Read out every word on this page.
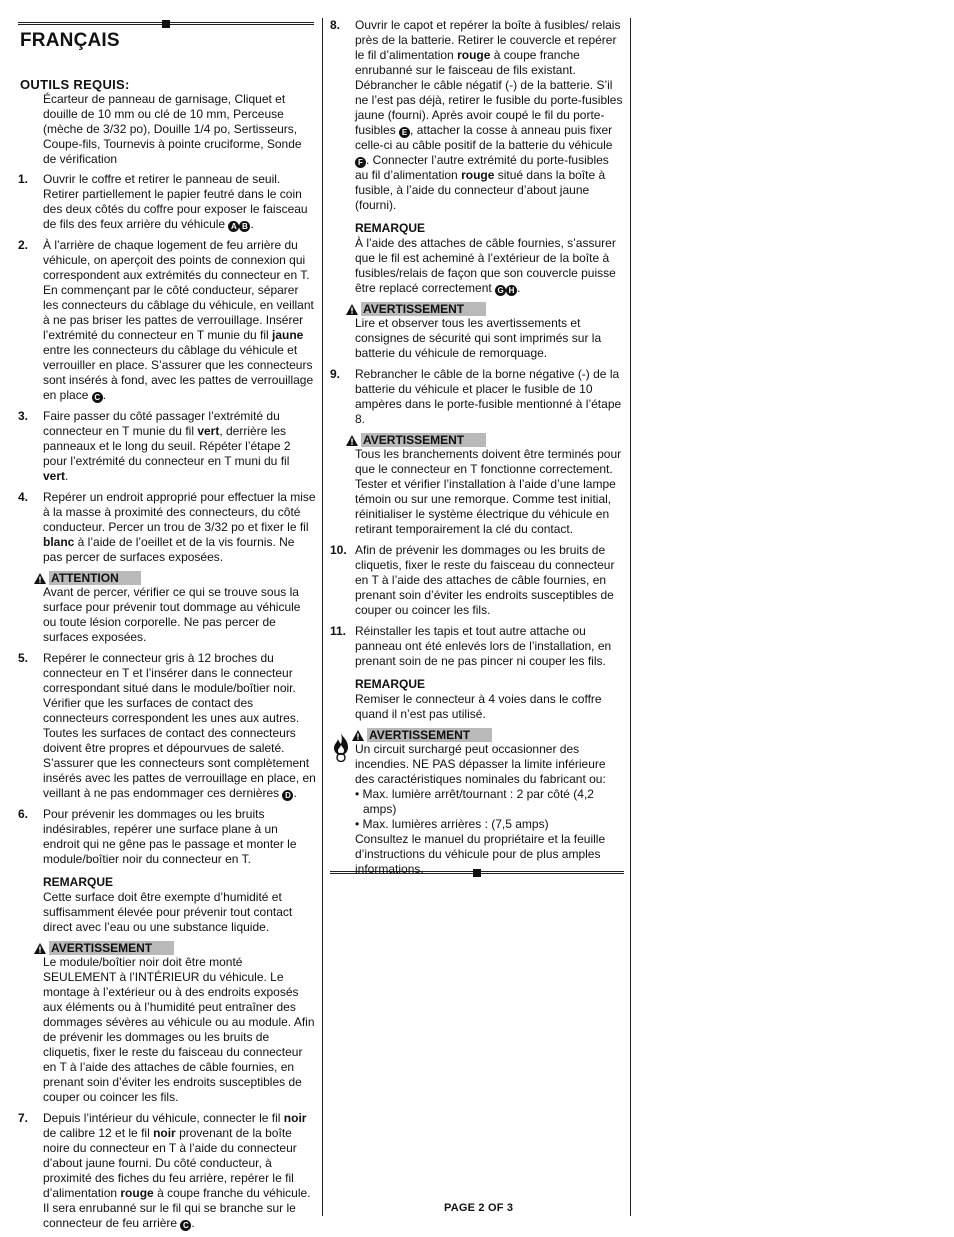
FRANÇAIS
OUTILS REQUIS:

Écarteur de panneau de garnisage, Cliquet et douille de 10 mm ou clé de 10 mm, Perceuse (mèche de 3/32 po), Douille 1/4 po, Sertisseurs, Coupe-fils, Tournevis à pointe cruciforme, Sonde de vérification

1. Ouvrir le coffre et retirer le panneau de seuil. Retirer partiellement le papier feutré dans le coin des deux côtés du coffre pour exposer le faisceau de fils des feux arrière du véhicule A B .

2. À l’arrière de chaque logement de feu arrière du véhicule, on aperçoit des points de connexion qui correspondent aux extrémités du connecteur en T. En commençant par le côté conducteur, séparer les connecteurs du câblage du véhicule, en veillant à ne pas briser les pattes de verrouillage. Insérer l’extrémité du connecteur en T munie du fil jaune entre les connecteurs du câblage du véhicule et verrouiller en place. S’assurer que les connecteurs sont insérés à fond, avec les pattes de verrouillage en place C .

3. Faire passer du côté passager l’extrémité du connecteur en T munie du fil vert, derrière les panneaux et le long du seuil. Répéter l’étape 2 pour l’extrémité du connecteur en T muni du fil vert.

4. Repérer un endroit approprié pour effectuer la mise à la masse à proximité des connecteurs, du côté conducteur. Percer un trou de 3/32 po et fixer le fil blanc à l’aide de l’oeillet et de la vis fournis. Ne pas percer de surfaces exposées.

ATTENTION

Avant de percer, vérifier ce qui se trouve sous la surface pour prévenir tout dommage au véhicule ou toute lésion corporelle. Ne pas percer de surfaces exposées.

5. Repérer le connecteur gris à 12 broches du connecteur en T et l’insérer dans le connecteur correspondant situé dans le module/boîtier noir. Vérifier que les surfaces de contact des connecteurs correspondent les unes aux autres. Toutes les surfaces de contact des connecteurs doivent être propres et dépourvues de saleté. S’assurer que les connecteurs sont complètement insérés avec les pattes de verrouillage en place, en veillant à ne pas endommager ces dernières D .

6. Pour prévenir les dommages ou les bruits indésirables, repérer une surface plane à un endroit qui ne gêne pas le passage et monter le module/boîtier noir du connecteur en T.

REMARQUE

Cette surface doit être exempte d’humidité et suffisamment élevée pour prévenir tout contact direct avec l’eau ou une substance liquide.

AVERTISSEMENT

Le module/boîtier noir doit être monté SEULEMENT à l’INTÉRIEUR du véhicule. Le montage à l’extérieur ou à des endroits exposés aux éléments ou à l’humidité peut entraîner des dommages sévères au véhicule ou au module. Afin de prévenir les dommages ou les bruits de cliquetis, fixer le reste du faisceau du connecteur en T à l’aide des attaches de câble fournies, en prenant soin d’éviter les endroits susceptibles de couper ou coincer les fils.

7. Depuis l’intérieur du véhicule, connecter le fil noir de calibre 12 et le fil noir provenant de la boîte noire du connecteur en T à l’aide du connecteur d’about jaune fourni. Du côté conducteur, à proximité des fiches du feu arrière, repérer le fil d’alimentation rouge à coupe franche du véhicule. Il sera enrubanné sur le fil qui se branche sur le connecteur de feu arrière C .

8. Ouvrir le capot et repérer la boîte à fusibles/ relais près de la batterie. Retirer le couvercle et repérer le fil d’alimentation rouge à coupe franche enrubanné sur le faisceau de fils existant. Débrancher le câble négatif (-) de la batterie. S’il ne l’est pas déjà, retirer le fusible du porte-fusibles jaune (fourni). Après avoir coupé le fil du porte-fusibles E , attacher la cosse à anneau puis fixer celle-ci au câble positif de la batterie du véhicule F . Connecter l’autre extrémité du porte-fusibles au fil d’alimentation rouge situé dans la boîte à fusible, à l’aide du connecteur d’about jaune (fourni).

REMARQUE

À l’aide des attaches de câble fournies, s’assurer que le fil est acheminé à l’extérieur de la boîte à fusibles/relais de façon que son couvercle puisse être replacé correctement G H .

AVERTISSEMENT

Lire et observer tous les avertissements et consignes de sécurité qui sont imprimés sur la batterie du véhicule de remorquage.

9. Rebrancher le câble de la borne négative (-) de la batterie du véhicule et placer le fusible de 10 ampères dans le porte-fusible mentionné à l’étape 8.

AVERTISSEMENT

Tous les branchements doivent être terminés pour que le connecteur en T fonctionne correctement. Tester et vérifier l’installation à l’aide d’une lampe témoin ou sur une remorque. Comme test initial, réinitialiser le système électrique du véhicule en retirant temporairement la clé du contact.

10. Afin de prévenir les dommages ou les bruits de cliquetis, fixer le reste du faisceau du connecteur en T à l’aide des attaches de câble fournies, en prenant soin d’éviter les endroits susceptibles de couper ou coincer les fils.

11. Réinstaller les tapis et tout autre attache ou panneau ont été enlevés lors de l’installation, en prenant soin de ne pas pincer ni couper les fils.

REMARQUE

Remiser le connecteur à 4 voies dans le coffre quand il n’est pas utilisé.

AVERTISSEMENT

Un circuit surchargé peut occasionner des incendies. NE PAS dépasser la limite inférieure des caractéristiques nominales du fabricant ou:

• Max. lumière arrêt/tournant : 2 par côté (4,2 amps)

• Max. lumières arrières : (7,5 amps)

Consultez le manuel du propriétaire et la feuille d’instructions du véhicule pour de plus amples informations.

PAGE 2 OF 3
